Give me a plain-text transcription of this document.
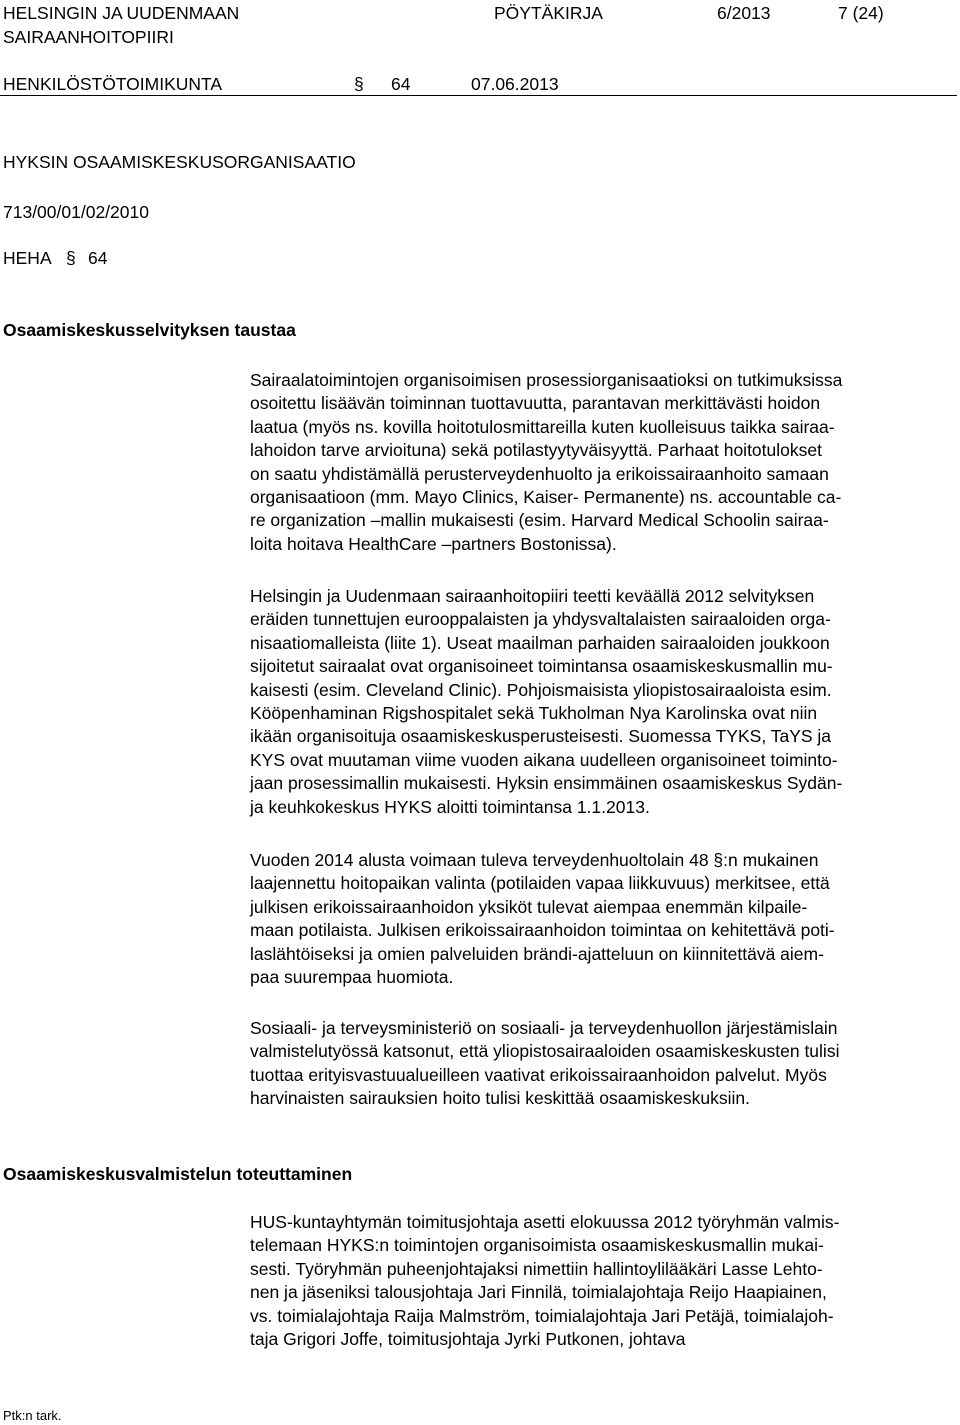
HELSINGIN JA UUDENMAAN
SAIRAANHOITOPIIRI
PÖYTÄKIRJA	6/2013	7 (24)
HENKILÖSTÖTOIMIKUNTA	§ 64	07.06.2013
HYKSIN OSAAMISKESKUSORGANISAATIO
713/00/01/02/2010
HEHA § 64
Osaamiskeskusselvityksen taustaa
Sairaalatoimintojen organisoimisen prosessiorganisaatioksi on tutkimuksissa
osoitettu lisäävän toiminnan tuottavuutta, parantavan merkittävästi hoidon
laatua (myös ns. kovilla hoitotulosmittareilla kuten kuolleisuus taikka sairaa-
lahoidon tarve arvioituna) sekä potilastyytyväisyyttä. Parhaat hoitotulokset
on saatu yhdistämällä perusterveydenhuolto ja erikoissairaanhoito samaan
organisaatioon (mm. Mayo Clinics, Kaiser- Permanente) ns. accountable ca-
re organization –mallin mukaisesti (esim. Harvard Medical Schoolin sairaa-
loita hoitava HealthCare –partners Bostonissa).
Helsingin ja Uudenmaan sairaanhoitopiiri teetti keväällä 2012 selvityksen
eräiden tunnettujen eurooppalaisten ja yhdysvaltalaisten sairaaloiden orga-
nisaatiomalleista (liite 1). Useat maailman parhaiden sairaaloiden joukkoon
sijoitetut sairaalat ovat organisoineet toimintansa osaamiskeskusmallin mu-
kaisesti (esim. Cleveland Clinic). Pohjoismaisista yliopistosairaaloista esim.
Kööpenhaminan Rigshospitalet sekä Tukholman Nya Karolinska ovat niin
ikään organisoituja osaamiskeskusperusteisesti. Suomessa TYKS, TaYS ja
KYS ovat muutaman viime vuoden aikana uudelleen organisoineet toiminto-
jaan prosessimallin mukaisesti. Hyksin ensimmäinen osaamiskeskus Sydän-
ja keuhkokeskus HYKS aloitti toimintansa 1.1.2013.
Vuoden 2014 alusta voimaan tuleva terveydenhuoltolain 48 §:n mukainen
laajennettu hoitopaikan valinta (potilaiden vapaa liikkuvuus) merkitsee, että
julkisen erikoissairaanhoidon yksiköt tulevat aiempaa enemmän kilpaile-
maan potilaista. Julkisen erikoissairaanhoidon toimintaa on kehitettävä poti-
laslähtöiseksi ja omien palveluiden brändi-ajatteluun on kiinnitettävä aiem-
paa suurempaa huomiota.
Sosiaali- ja terveysministeriö on sosiaali- ja terveydenhuollon järjestämislain
valmistelutyössä katsonut, että yliopistosairaaloiden osaamiskeskusten tulisi
tuottaa erityisvastuualueilleen vaativat erikoissairaanhoidon palvelut. Myös
harvinaisten sairauksien hoito tulisi keskittää osaamiskeskuksiin.
Osaamiskeskusvalmistelun toteuttaminen
HUS-kuntayhtymän toimitusjohtaja asetti elokuussa 2012 työryhmän valmis-
telemaan HYKS:n toimintojen organisoimista osaamiskeskusmallin mukai-
sesti. Työryhmän puheenjohtajaksi nimettiin hallintoylilääkäri Lasse Lehto-
nen ja jäseniksi talousjohtaja Jari Finnilä, toimialajohtaja Reijo Haapiainen,
vs. toimialajohtaja Raija Malmström, toimialajohtaja Jari Petäjä, toimialajoh-
taja Grigori Joffe, toimitusjohtaja Jyrki Putkonen, johtava
Ptk:n tark.
